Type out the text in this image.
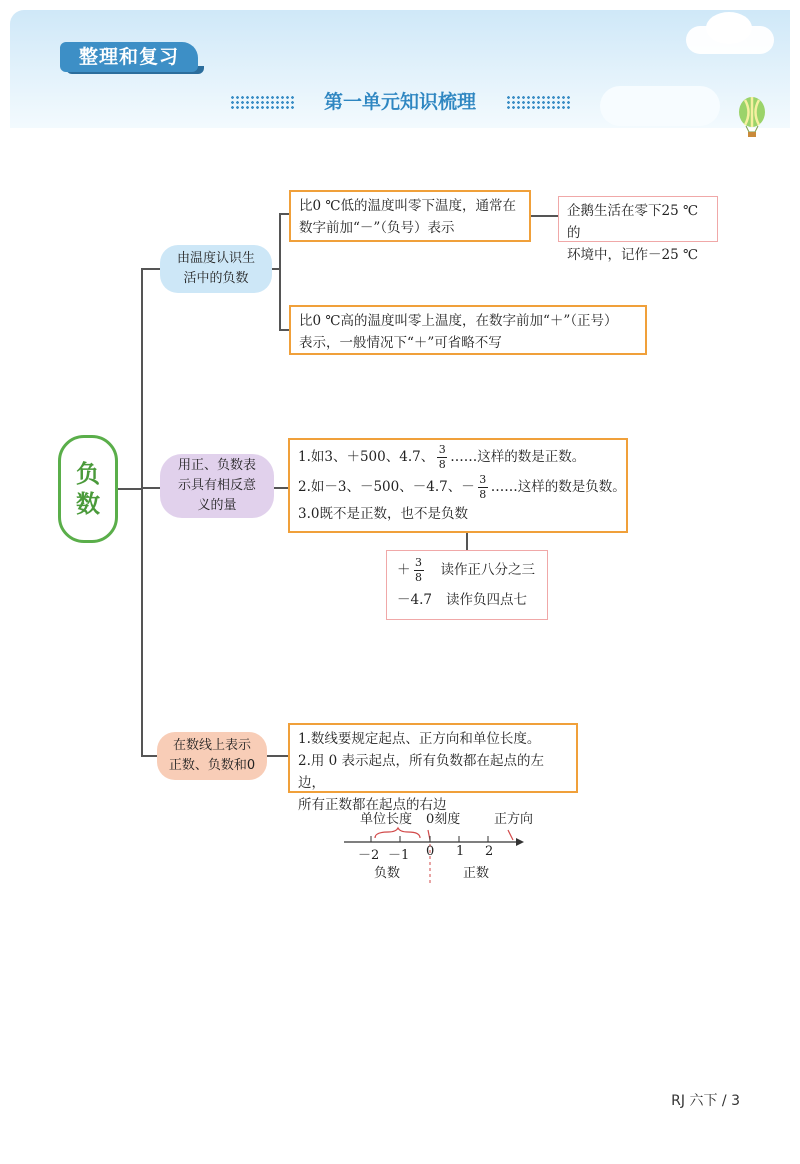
整理和复习
第一单元知识梳理
负
数
由温度认识生
活中的负数
比0 ℃低的温度叫零下温度，通常在
数字前加“－”（负号）表示
企鹅生活在零下25 ℃的
环境中，记作－25 ℃
比0 ℃高的温度叫零上温度，在数字前加“＋”（正号）
表示，一般情况下“＋”可省略不写
用正、负数表
示具有相反意
义的量
1.如3、＋500、4.7、 $\frac{3}{8}$ ……这样的数是正数。
2.如－3、－500、－4.7、－ $\frac{3}{8}$ ……这样的数是负数。
3.0既不是正数，也不是负数
＋ $\frac{3}{8}$ 读作正八分之三
－4.7 读作负四点七
在数线上表示
正数、负数和0
1.数线要规定起点、正方向和单位长度。
2.用 0 表示起点，所有负数都在起点的左边，
所有正数都在起点的右边
单位长度 0刻度	正方向
－2 －1 0 1 2
负数	正数
RJ 六下 / 3
